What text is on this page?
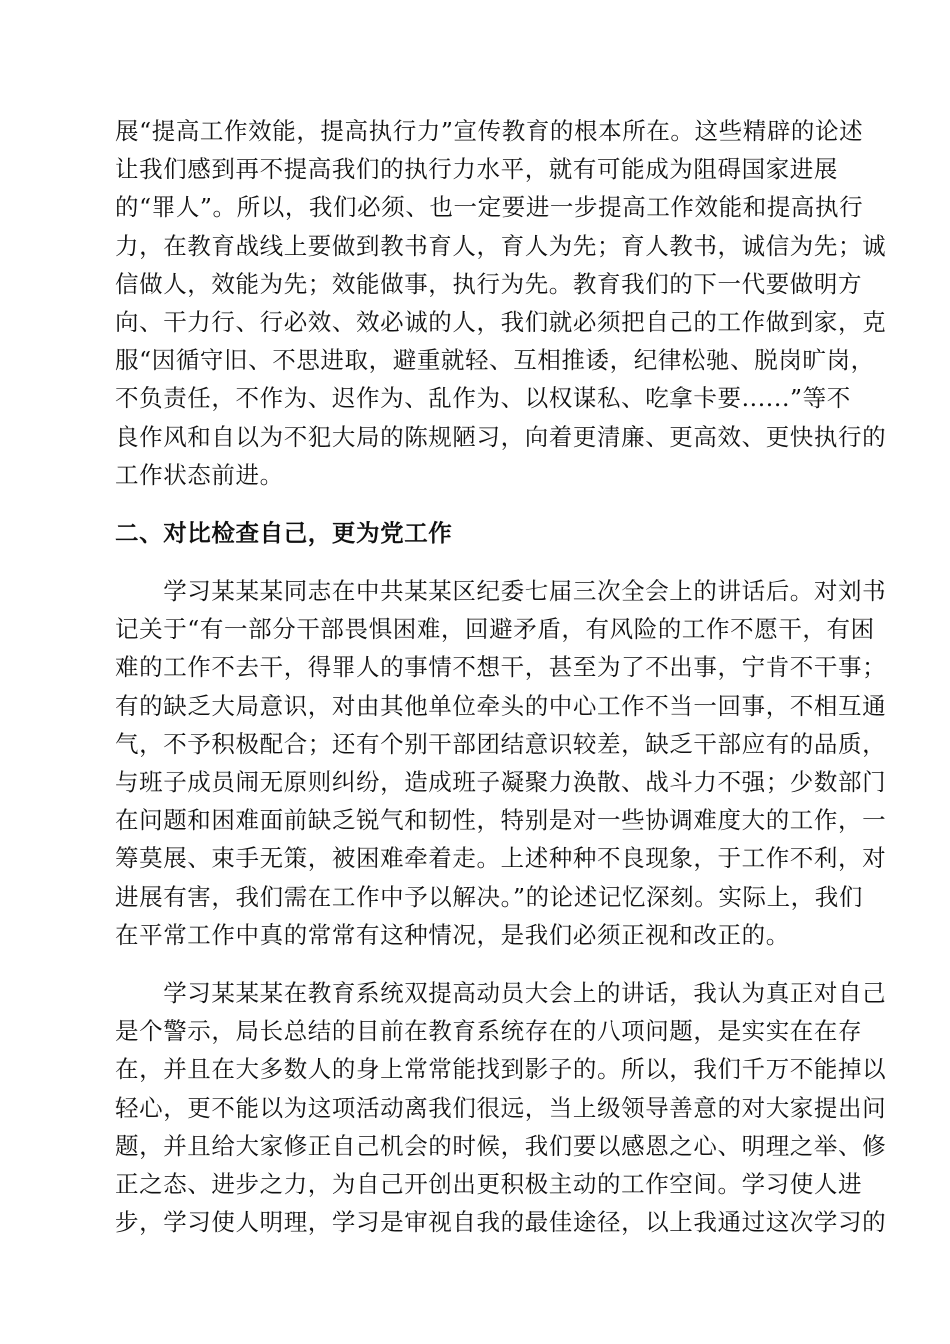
展“提高工作效能，提高执行力”宣传教育的根本所在。这些精辟的论述
让我们感到再不提高我们的执行力水平，就有可能成为阻碍国家进展
的“罪人”。所以，我们必须、也一定要进一步提高工作效能和提高执行
力，在教育战线上要做到教书育人，育人为先；育人教书，诚信为先；诚
信做人，效能为先；效能做事，执行为先。教育我们的下一代要做明方
向、干力行、行必效、效必诚的人，我们就必须把自己的工作做到家，克
服“因循守旧、不思进取，避重就轻、互相推诿，纪律松驰、脱岗旷岗，
不负责任，不作为、迟作为、乱作为、以权谋私、吃拿卡要......”等不
良作风和自以为不犯大局的陈规陋习，向着更清廉、更高效、更快执行的
工作状态前进。
二、对比检查自己，更为党工作
　　学习某某某同志在中共某某区纪委七届三次全会上的讲话后。对刘书
记关于“有一部分干部畏惧困难，回避矛盾，有风险的工作不愿干，有困
难的工作不去干，得罪人的事情不想干，甚至为了不出事，宁肯不干事；
有的缺乏大局意识，对由其他单位牵头的中心工作不当一回事，不相互通
气，不予积极配合；还有个别干部团结意识较差，缺乏干部应有的品质，
与班子成员闹无原则纠纷，造成班子凝聚力涣散、战斗力不强；少数部门
在问题和困难面前缺乏锐气和韧性，特别是对一些协调难度大的工作，一
筹莫展、束手无策，被困难牵着走。上述种种不良现象，于工作不利，对
进展有害，我们需在工作中予以解决。”的论述记忆深刻。实际上，我们
在平常工作中真的常常有这种情况，是我们必须正视和改正的。
　　学习某某某在教育系统双提高动员大会上的讲话，我认为真正对自己
是个警示，局长总结的目前在教育系统存在的八项问题，是实实在在存
在，并且在大多数人的身上常常能找到影子的。所以，我们千万不能掉以
轻心，更不能以为这项活动离我们很远，当上级领导善意的对大家提出问
题，并且给大家修正自己机会的时候，我们要以感恩之心、明理之举、修
正之态、进步之力，为自己开创出更积极主动的工作空间。学习使人进
步，学习使人明理，学习是审视自我的最佳途径，以上我通过这次学习的
